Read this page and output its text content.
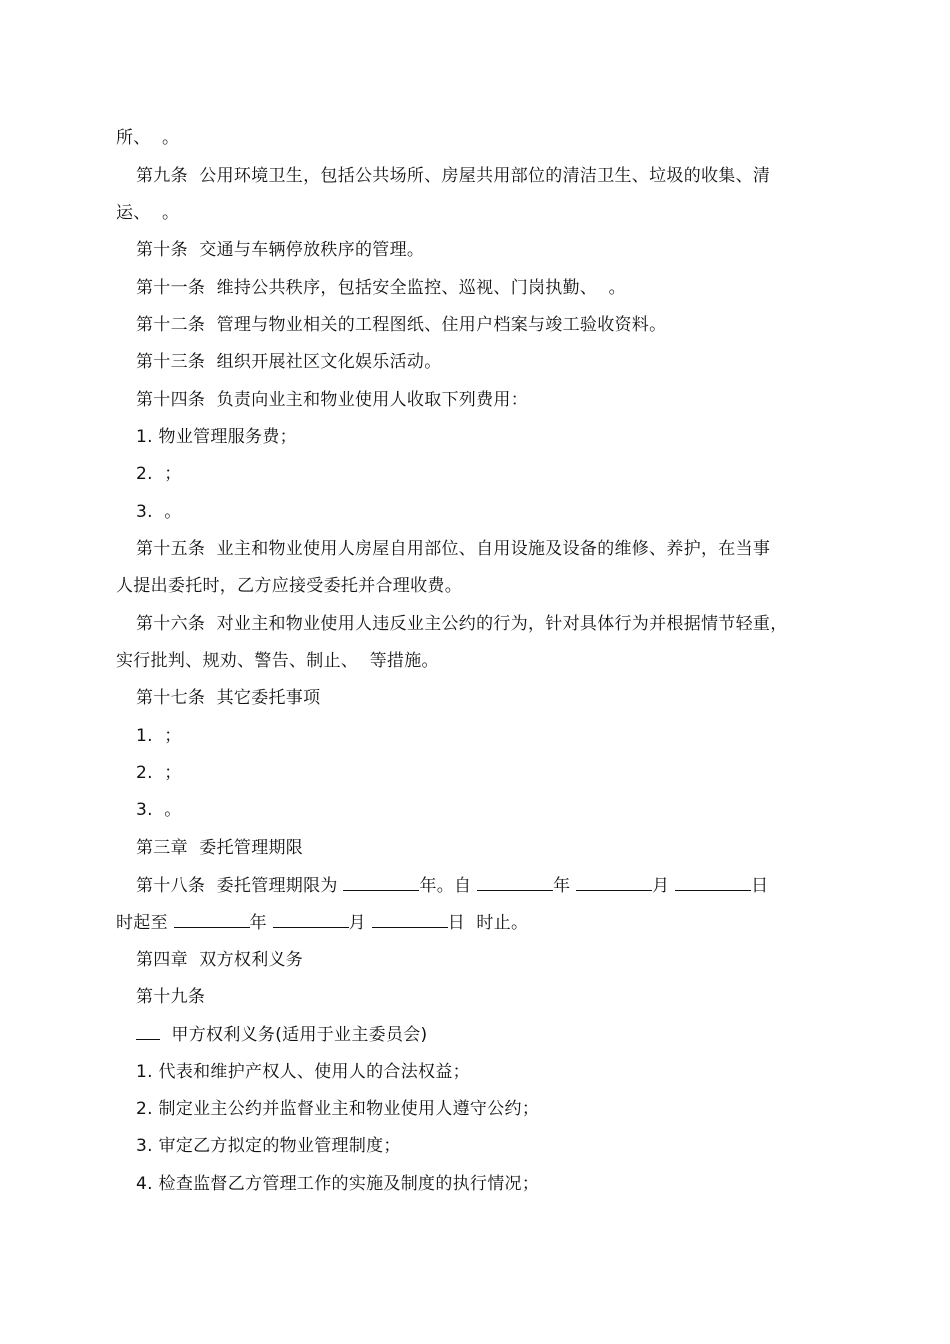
所、  。
第九条  公用环境卫生，包括公共场所、房屋共用部位的清洁卫生、垃圾的收集、清
运、  。
第十条  交通与车辆停放秩序的管理。
第十一条  维持公共秩序，包括安全监控、巡视、门岗执勤、  。
第十二条  管理与物业相关的工程图纸、住用户档案与竣工验收资料。
第十三条  组织开展社区文化娱乐活动。
第十四条  负责向业主和物业使用人收取下列费用：
1. 物业管理服务费；
2.  ；
3.  。
第十五条  业主和物业使用人房屋自用部位、自用设施及设备的维修、养护，在当事
人提出委托时，乙方应接受委托并合理收费。
第十六条  对业主和物业使用人违反业主公约的行为，针对具体行为并根据情节轻重，
实行批判、规劝、警告、制止、  等措施。
第十七条  其它委托事项
1.  ；
2.  ；
3.  。
第三章  委托管理期限
第十八条  委托管理期限为	年。自	年	月	日
时起至	年	月	日  时止。
第四章  双方权利义务
第十九条
甲方权利义务(适用于业主委员会)
1. 代表和维护产权人、使用人的合法权益；
2. 制定业主公约并监督业主和物业使用人遵守公约；
3. 审定乙方拟定的物业管理制度；
4. 检查监督乙方管理工作的实施及制度的执行情况；
